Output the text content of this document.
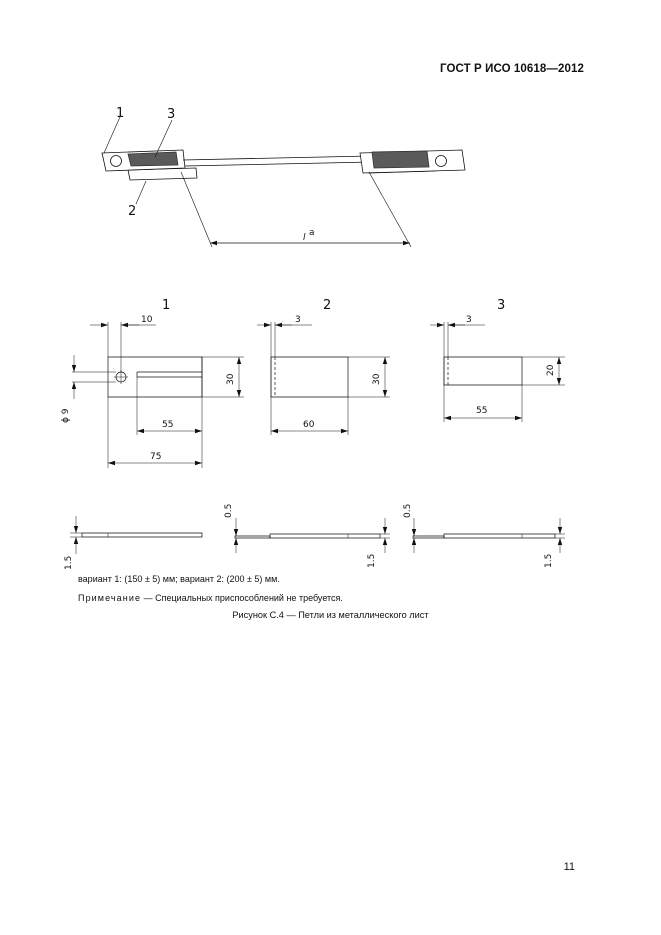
ГОСТ Р ИСО 10618—2012
1	3
2
l a
1	2	3
10
30
ϕ 9
55
75
3
30
60
3
20
55
1.5
0.5
1.5
0.5
1.5
вариант 1: (150 ± 5) мм; вариант 2: (200 ± 5) мм.
Примечание — Специальных приспособлений не требуется.
Рисунок С.4 — Петли из металлического лист
11
